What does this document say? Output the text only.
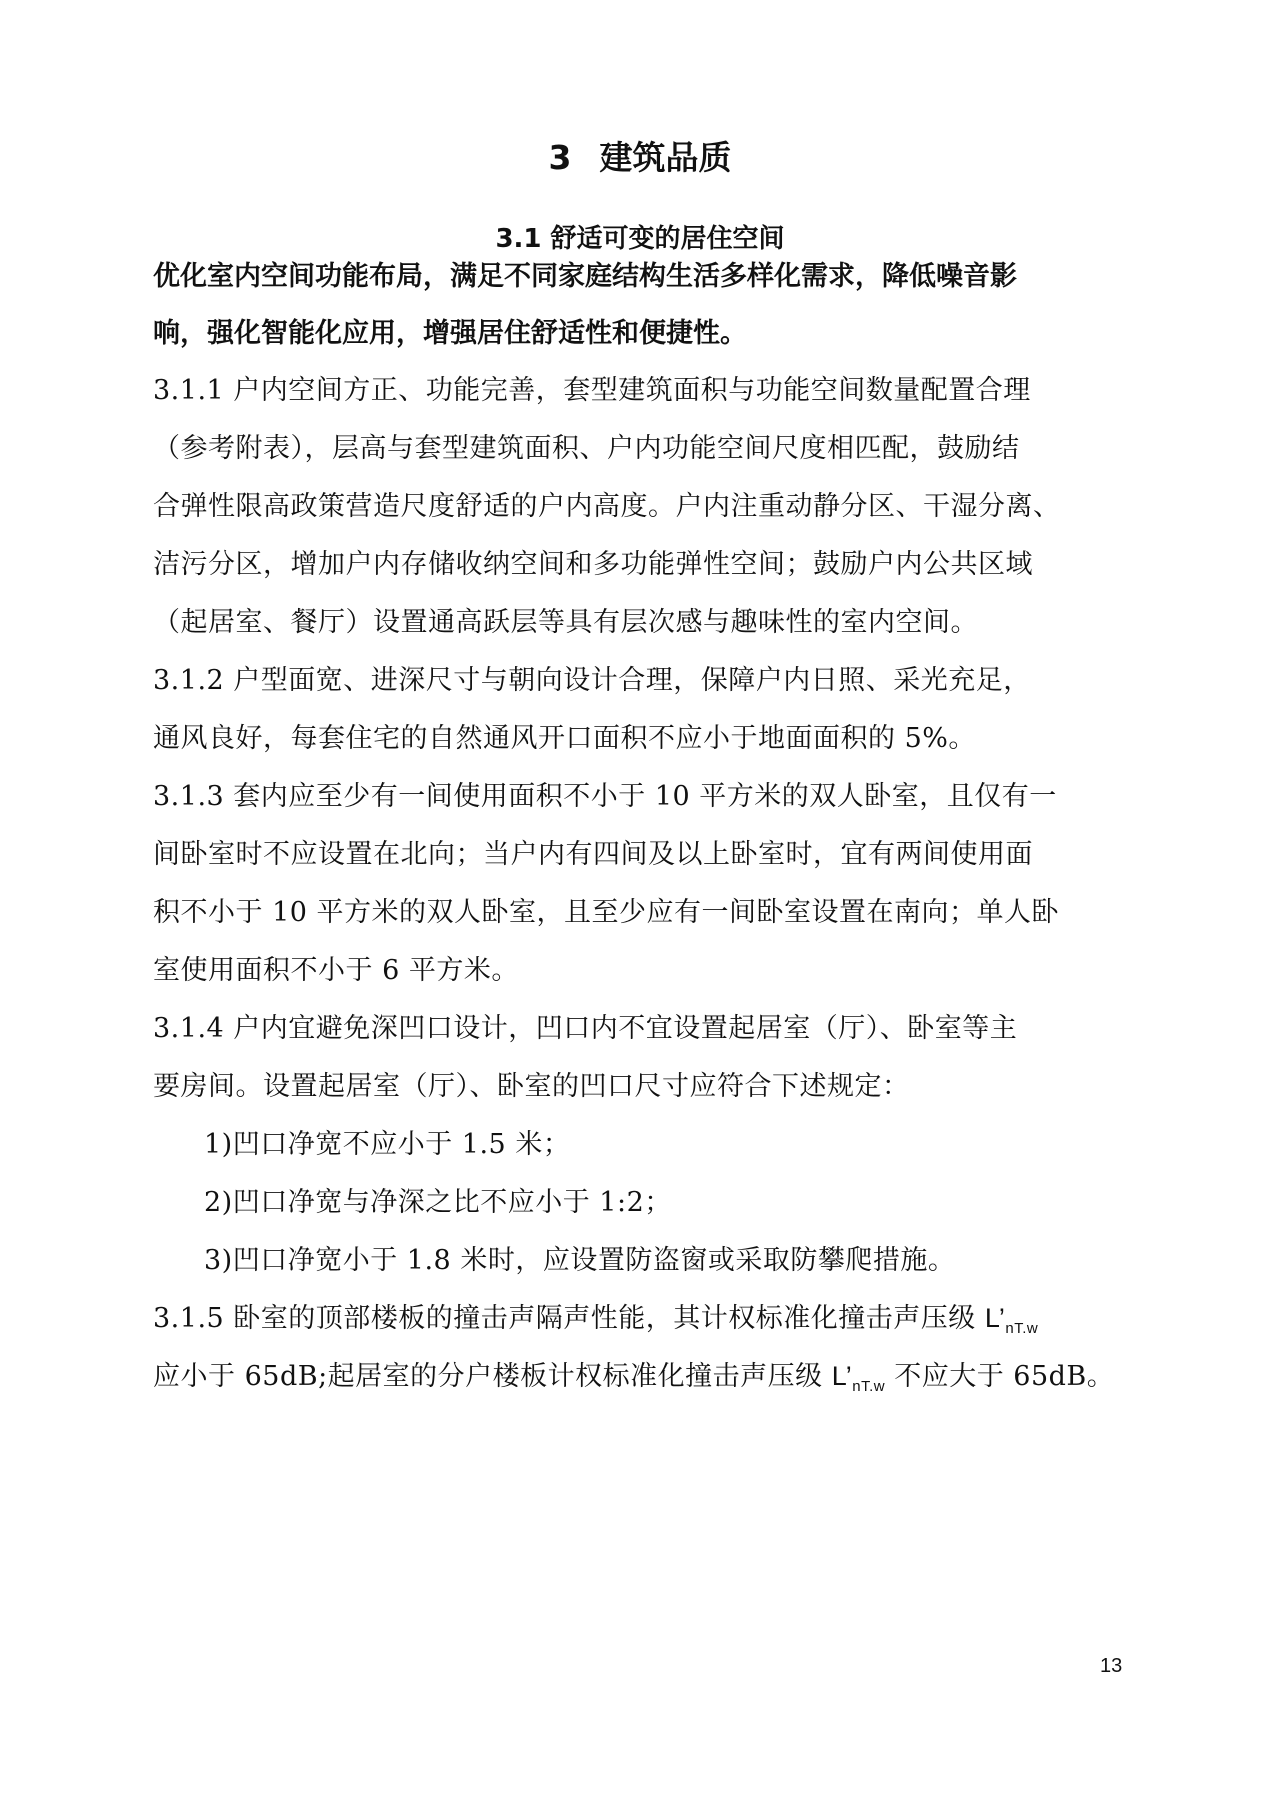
3 建筑品质
3.1 舒适可变的居住空间
优化室内空间功能布局，满足不同家庭结构生活多样化需求，降低噪音影
响，强化智能化应用，增强居住舒适性和便捷性。
3.1.1 户内空间方正、功能完善，套型建筑面积与功能空间数量配置合理
（参考附表），层高与套型建筑面积、户内功能空间尺度相匹配，鼓励结
合弹性限高政策营造尺度舒适的户内高度。户内注重动静分区、干湿分离、
洁污分区，增加户内存储收纳空间和多功能弹性空间；鼓励户内公共区域
（起居室、餐厅）设置通高跃层等具有层次感与趣味性的室内空间。
3.1.2 户型面宽、进深尺寸与朝向设计合理，保障户内日照、采光充足，
通风良好，每套住宅的自然通风开口面积不应小于地面面积的 5%。
3.1.3 套内应至少有一间使用面积不小于 10 平方米的双人卧室，且仅有一
间卧室时不应设置在北向；当户内有四间及以上卧室时，宜有两间使用面
积不小于 10 平方米的双人卧室，且至少应有一间卧室设置在南向；单人卧
室使用面积不小于 6 平方米。
3.1.4 户内宜避免深凹口设计，凹口内不宜设置起居室（厅）、卧室等主
要房间。设置起居室（厅）、卧室的凹口尺寸应符合下述规定：
1)凹口净宽不应小于 1.5 米；
2)凹口净宽与净深之比不应小于 1:2；
3)凹口净宽小于 1.8 米时，应设置防盗窗或采取防攀爬措施。
3.1.5 卧室的顶部楼板的撞击声隔声性能，其计权标准化撞击声压级 $L’_{nT.w}$
应小于 65dB;起居室的分户楼板计权标准化撞击声压级 $L’_{nT.w}$ 不应大于 65dB。
13
